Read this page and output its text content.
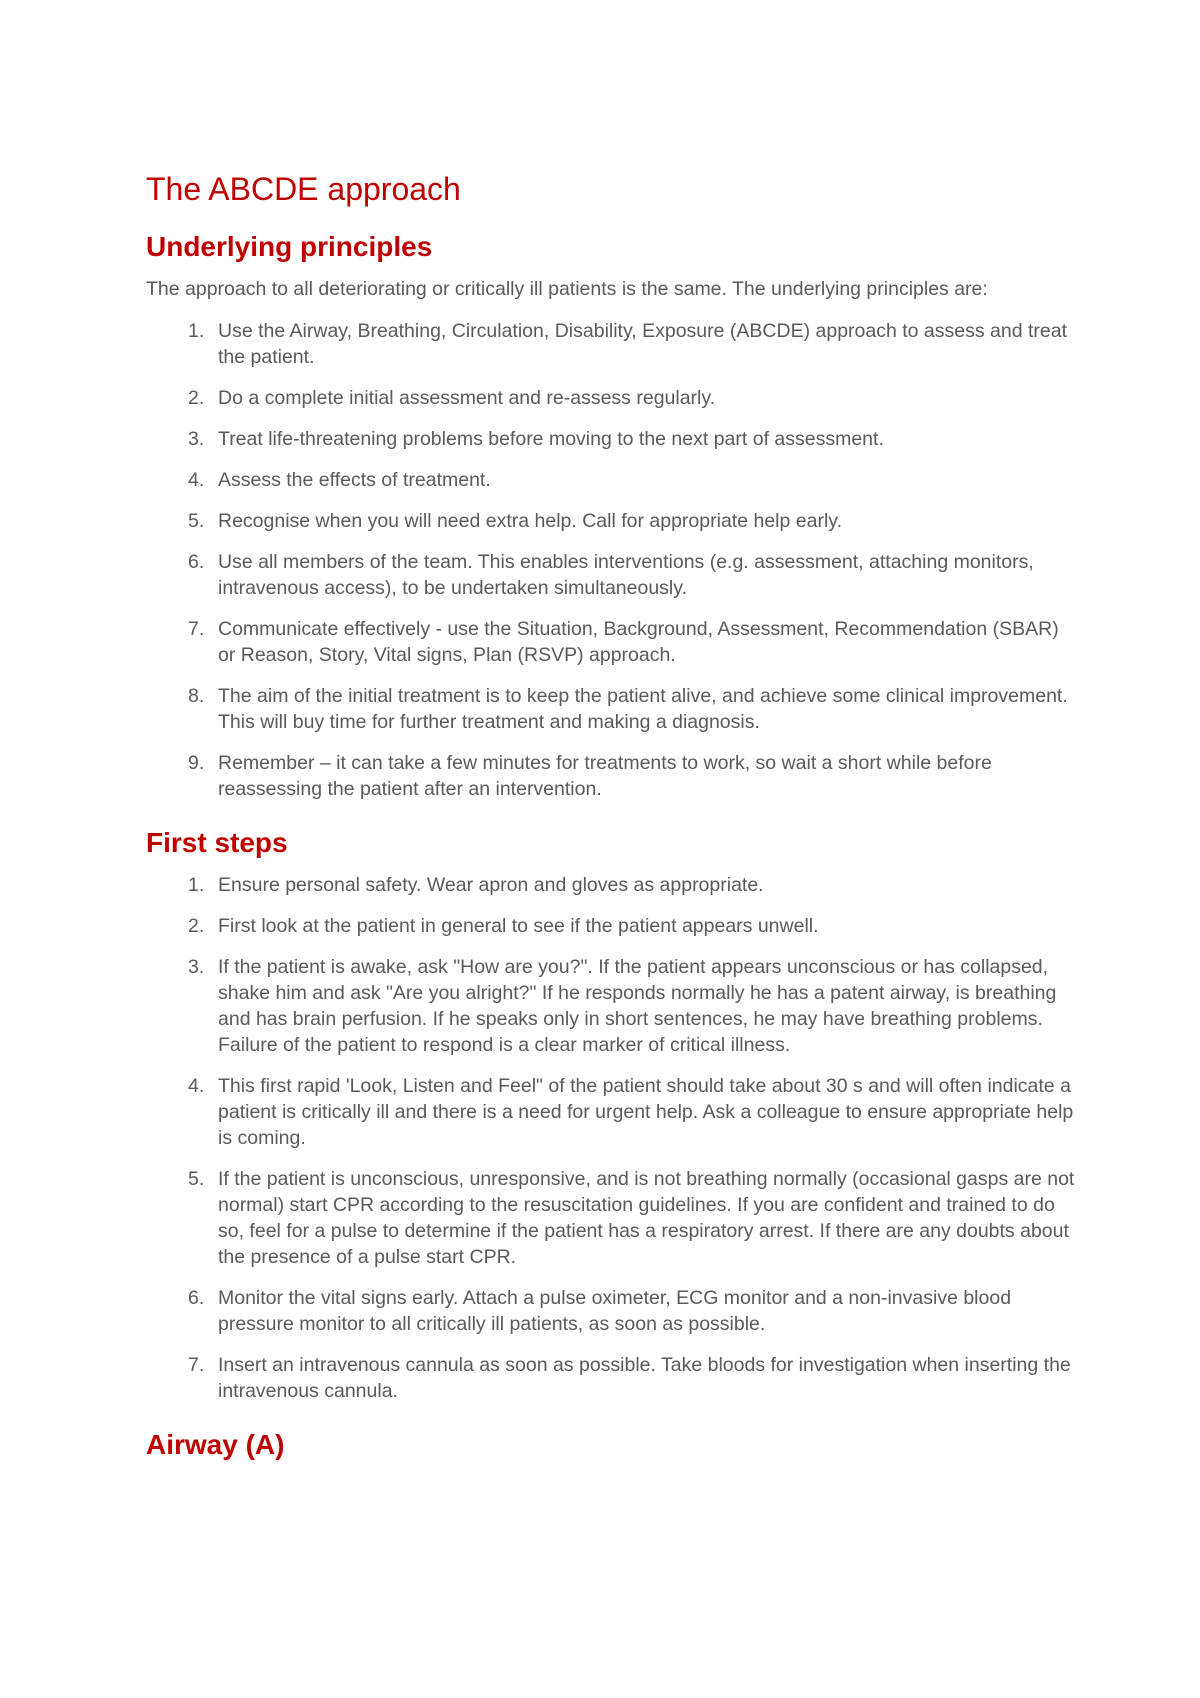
The ABCDE approach
Underlying principles

The approach to all deteriorating or critically ill patients is the same. The underlying principles are:

1. Use the Airway, Breathing, Circulation, Disability, Exposure (ABCDE) approach to assess and treat the patient.
2. Do a complete initial assessment and re-assess regularly.
3. Treat life-threatening problems before moving to the next part of assessment.
4. Assess the effects of treatment.
5. Recognise when you will need extra help. Call for appropriate help early.
6. Use all members of the team. This enables interventions (e.g. assessment, attaching monitors, intravenous access), to be undertaken simultaneously.
7. Communicate effectively - use the Situation, Background, Assessment, Recommendation (SBAR) or Reason, Story, Vital signs, Plan (RSVP) approach.
8. The aim of the initial treatment is to keep the patient alive, and achieve some clinical improvement. This will buy time for further treatment and making a diagnosis.
9. Remember – it can take a few minutes for treatments to work, so wait a short while before reassessing the patient after an intervention.
First steps
1. Ensure personal safety. Wear apron and gloves as appropriate.
2. First look at the patient in general to see if the patient appears unwell.
3. If the patient is awake, ask "How are you?". If the patient appears unconscious or has collapsed, shake him and ask "Are you alright?" If he responds normally he has a patent airway, is breathing and has brain perfusion. If he speaks only in short sentences, he may have breathing problems. Failure of the patient to respond is a clear marker of critical illness.
4. This first rapid 'Look, Listen and Feel" of the patient should take about 30 s and will often indicate a patient is critically ill and there is a need for urgent help. Ask a colleague to ensure appropriate help is coming.
5. If the patient is unconscious, unresponsive, and is not breathing normally (occasional gasps are not normal) start CPR according to the resuscitation guidelines. If you are confident and trained to do so, feel for a pulse to determine if the patient has a respiratory arrest. If there are any doubts about the presence of a pulse start CPR.
6. Monitor the vital signs early. Attach a pulse oximeter, ECG monitor and a non-invasive blood pressure monitor to all critically ill patients, as soon as possible.
7. Insert an intravenous cannula as soon as possible. Take bloods for investigation when inserting the intravenous cannula.
Airway (A)
